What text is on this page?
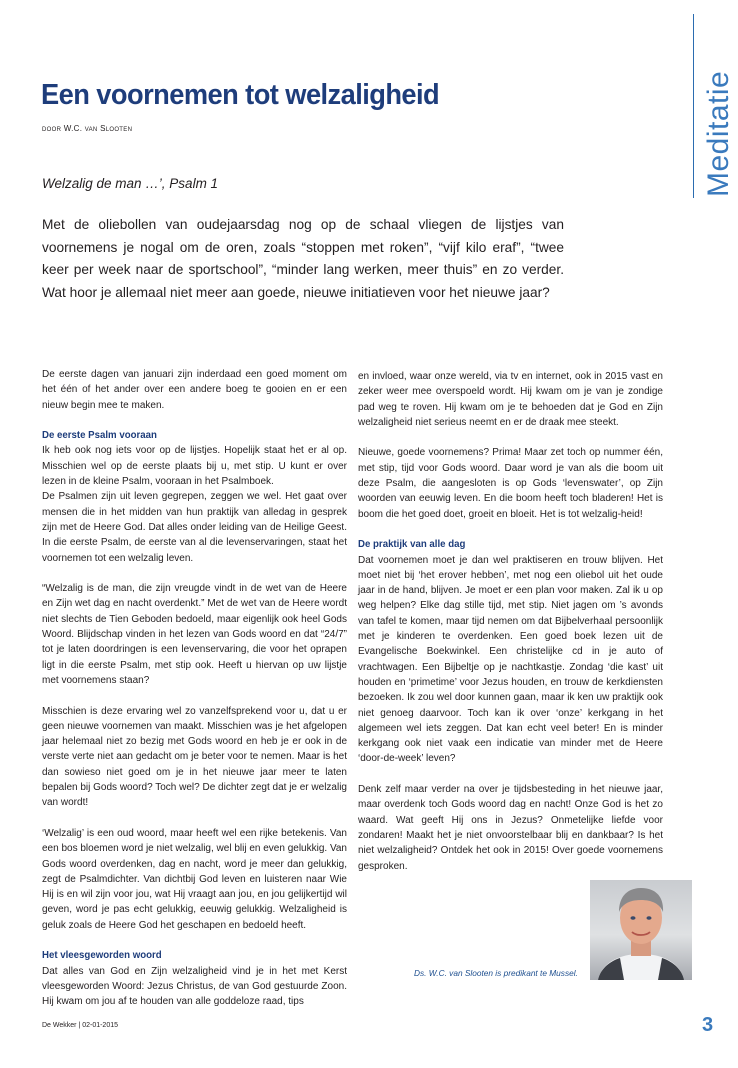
Meditatie
Een voornemen tot welzaligheid
door W.C. van Slooten
Welzalig de man …’, Psalm 1

Met de oliebollen van oudejaarsdag nog op de schaal vliegen de lijstjes van voornemens je nogal om de oren, zoals “stoppen met roken”, “vijf kilo eraf”, “twee keer per week naar de sportschool”, “minder lang werken, meer thuis” en zo verder. Wat hoor je allemaal niet meer aan goede, nieuwe initiatieven voor het nieuwe jaar?

De eerste dagen van januari zijn inderdaad een goed moment om het één of het ander over een andere boeg te gooien en er een nieuw begin mee te maken.

De eerste Psalm vooraan

Ik heb ook nog iets voor op de lijstjes. Hopelijk staat het er al op. Misschien wel op de eerste plaats bij u, met stip. U kunt er over lezen in de kleine Psalm, vooraan in het Psalmboek.

De Psalmen zijn uit leven gegrepen, zeggen we wel. Het gaat over mensen die in het midden van hun praktijk van alledag in gesprek zijn met de Heere God. Dat alles onder leiding van de Heilige Geest. In die eerste Psalm, de eerste van al die levenservaringen, staat het voornemen tot een welzalig leven.

“Welzalig is de man, die zijn vreugde vindt in de wet van de Heere en Zijn wet dag en nacht overdenkt.” Met de wet van de Heere wordt niet slechts de Tien Geboden bedoeld, maar eigenlijk ook heel Gods Woord. Blijdschap vinden in het lezen van Gods woord en dat “24/7” tot je laten doordringen is een levenservaring, die voor het oprapen ligt in die eerste Psalm, met stip ook. Heeft u hiervan op uw lijstje met voornemens staan?

Misschien is deze ervaring wel zo vanzelfsprekend voor u, dat u er geen nieuwe voornemen van maakt. Misschien was je het afgelopen jaar helemaal niet zo bezig met Gods woord en heb je er ook in de verste verte niet aan gedacht om je beter voor te nemen. Maar is het dan sowieso niet goed om je in het nieuwe jaar meer te laten bepalen bij Gods woord? Toch wel? De dichter zegt dat je er welzalig van wordt!

‘Welzalig’ is een oud woord, maar heeft wel een rijke betekenis. Van een bos bloemen word je niet welzalig, wel blij en even gelukkig. Van Gods woord overdenken, dag en nacht, word je meer dan gelukkig, zegt de Psalmdichter. Van dichtbij God leven en luisteren naar Wie Hij is en wil zijn voor jou, wat Hij vraagt aan jou, en jou gelijkertijd wil geven, word je pas echt gelukkig, eeuwig gelukkig. Welzaligheid is geluk zoals de Heere God het geschapen en bedoeld heeft.

Het vleesgeworden woord

Dat alles van God en Zijn welzaligheid vind je in het met Kerst vleesgeworden Woord: Jezus Christus, de van God gestuurde Zoon. Hij kwam om jou af te houden van alle goddeloze raad, tips

en invloed, waar onze wereld, via tv en internet, ook in 2015 vast en zeker weer mee overspoeld wordt. Hij kwam om je van je zondige pad weg te roven. Hij kwam om je te behoeden dat je God en Zijn welzaligheid niet serieus neemt en er de draak mee steekt.

Nieuwe, goede voornemens? Prima! Maar zet toch op nummer één, met stip, tijd voor Gods woord. Daar word je van als die boom uit deze Psalm, die aangesloten is op Gods ‘levenswater’, op Zijn woorden van eeuwig leven. En die boom heeft toch bladeren! Het is boom die het goed doet, groeit en bloeit. Het is tot welzalig-heid!

De praktijk van alle dag

Dat voornemen moet je dan wel praktiseren en trouw blijven. Het moet niet bij ‘het erover hebben’, met nog een oliebol uit het oude jaar in de hand, blijven. Je moet er een plan voor maken. Zal ik u op weg helpen? Elke dag stille tijd, met stip. Niet jagen om ’s avonds van tafel te komen, maar tijd nemen om dat Bijbelverhaal persoonlijk met je kinderen te overdenken. Een goed boek lezen uit de Evangelische Boekwinkel. Een christelijke cd in je auto of vrachtwagen. Een Bijbeltje op je nachtkastje. Zondag ‘die kast’ uit houden en ‘primetime’ voor Jezus houden, en trouw de kerkdiensten bezoeken. Ik zou wel door kunnen gaan, maar ik ken uw praktijk ook niet genoeg daarvoor. Toch kan ik over ‘onze’ kerkgang in het algemeen wel iets zeggen. Dat kan echt veel beter! En is minder kerkgang ook niet vaak een indicatie van minder met de Heere ‘door-de-week’ leven?

Denk zelf maar verder na over je tijdsbesteding in het nieuwe jaar, maar overdenk toch Gods woord dag en nacht! Onze God is het zo waard. Wat geeft Hij ons in Jezus? Onmetelijke liefde voor zondaren! Maakt het je niet onvoorstelbaar blij en dankbaar? Is het niet welzaligheid? Ontdek het ook in 2015! Over goede voornemens gesproken.

Ds. W.C. van Slooten is predikant te Mussel.
De Wekker | 02-01-2015	3
